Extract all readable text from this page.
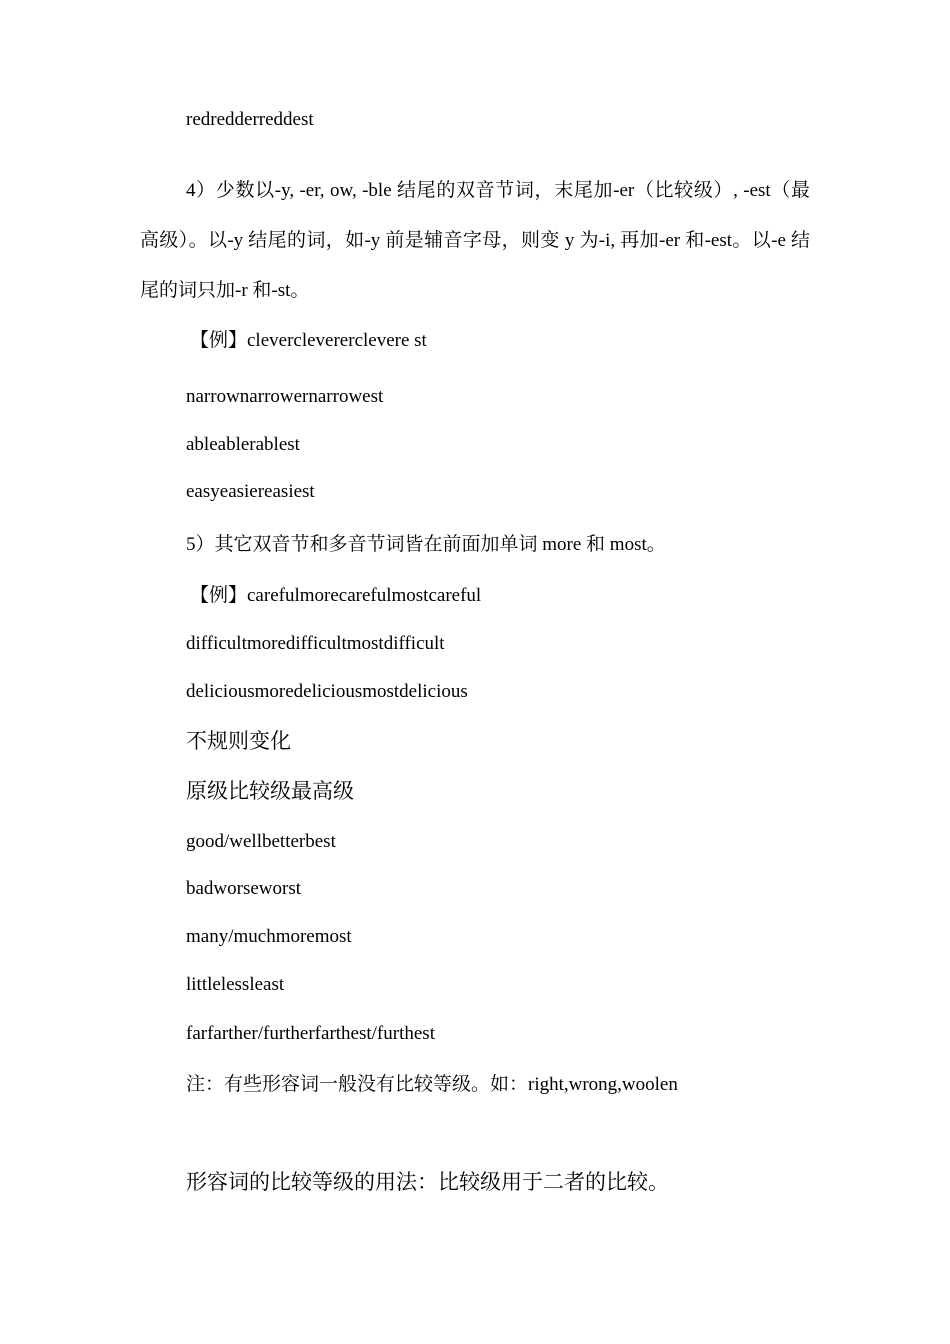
redredderreddest
4）少数以-y, -er, ow, -ble 结尾的双音节词，末尾加-er（比较级）, -est（最高级）。以-y 结尾的词，如-y 前是辅音字母，则变 y 为-i, 再加-er 和-est。以-e 结尾的词只加-r 和-st。
【例】cleverclevererclevere st
narrownarrowernarrowest
ableablerablest
easyeasiereasiest
5）其它双音节和多音节词皆在前面加单词 more 和 most。
【例】carefulmorecarefulmostcareful
difficultmoredifficultmostdifficult
deliciousmoredeliciousmostdelicious
不规则变化
原级比较级最高级
good/wellbetterbest
badworseworst
many/muchmoremost
littlelessleast
farfarther/furtherfarthest/furthest
注：有些形容词一般没有比较等级。如：right,wrong,woolen
形容词的比较等级的用法：比较级用于二者的比较。
